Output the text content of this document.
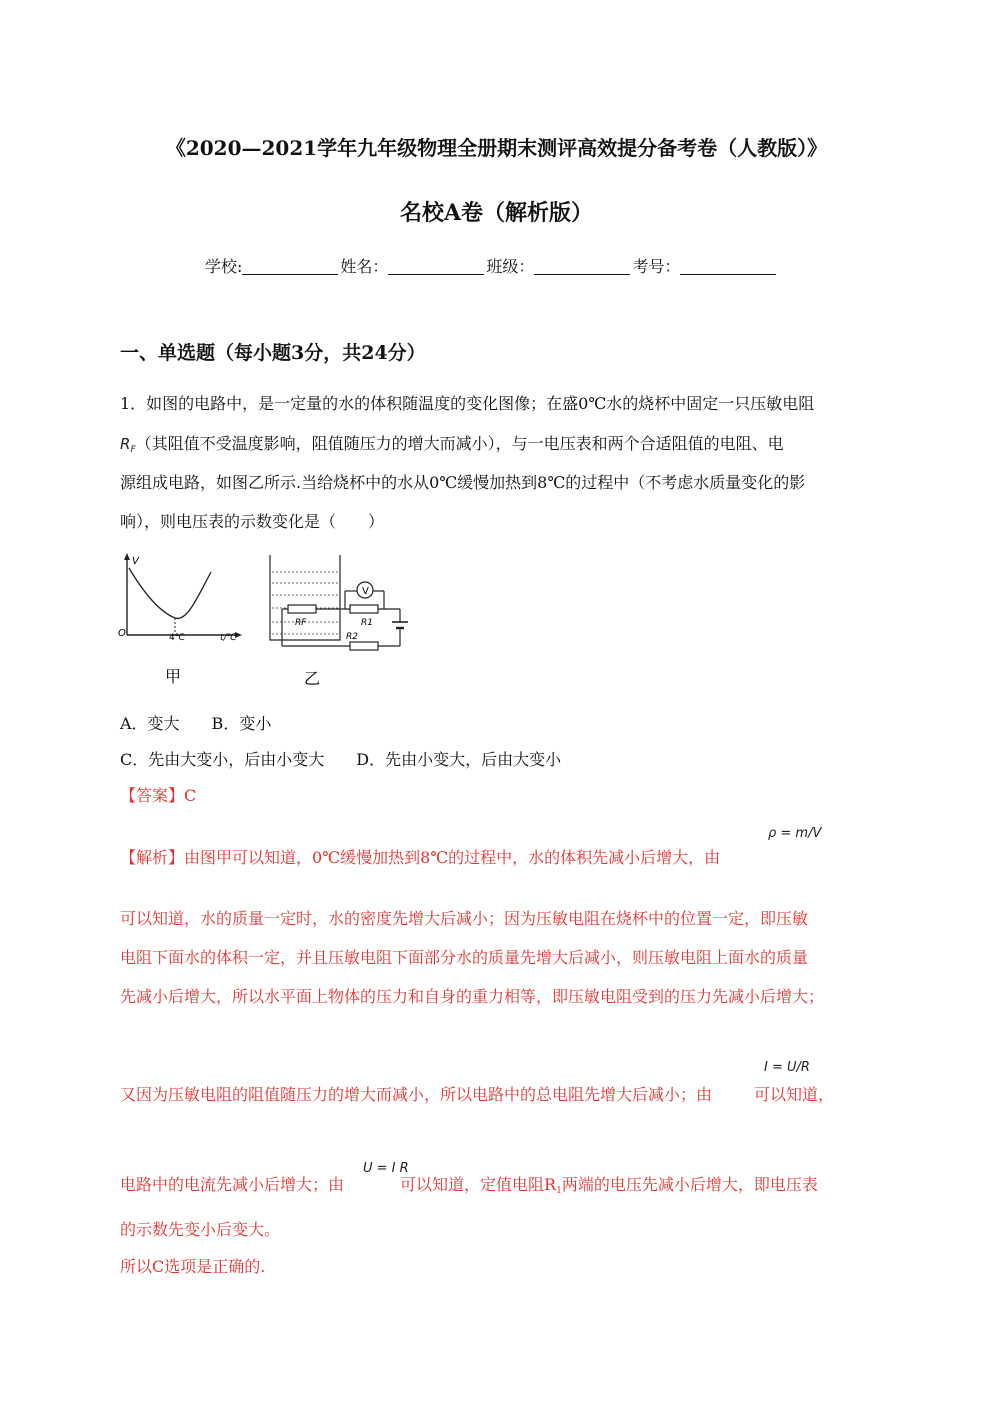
《2020—2021学年九年级物理全册期末测评高效提分备考卷（人教版）》
名校A卷（解析版）
学校:	姓名：	班级：	考号：
一、单选题（每小题3分，共24分）
1．如图的电路中，是一定量的水的体积随温度的变化图像；在盛0℃水的烧杯中固定一只压敏电阻
$R_F$（其阻值不受温度影响，阻值随压力的增大而减小），与一电压表和两个合适阻值的电阻、电
源组成电路，如图乙所示.当给烧杯中的水从0℃缓慢加热到8℃的过程中（不考虑水质量变化的影
响），则电压表的示数变化是（　　）
V
O	4℃	t/℃
甲
V
RF	R1
R2
乙
A．变大　　B．变小
C．先由大变小，后由小变大　　D．先由小变大，后由大变小
【答案】C
【解析】由图甲可以知道，0℃缓慢加热到8℃的过程中，水的体积先减小后增大，由
ρ = m/V
可以知道，水的质量一定时，水的密度先增大后减小；因为压敏电阻在烧杯中的位置一定，即压敏
电阻下面水的体积一定，并且压敏电阻下面部分水的质量先增大后减小，则压敏电阻上面水的质量
先减小后增大，所以水平面上物体的压力和自身的重力相等，即压敏电阻受到的压力先减小后增大；
又因为压敏电阻的阻值随压力的增大而减小，所以电路中的总电阻先增大后减小；由	可以知道，
I = U/R
电路中的电流先减小后增大；由	可以知道，定值电阻$R_1$两端的电压先减小后增大，即电压表
U = I R
的示数先变小后变大。
所以C选项是正确的.
